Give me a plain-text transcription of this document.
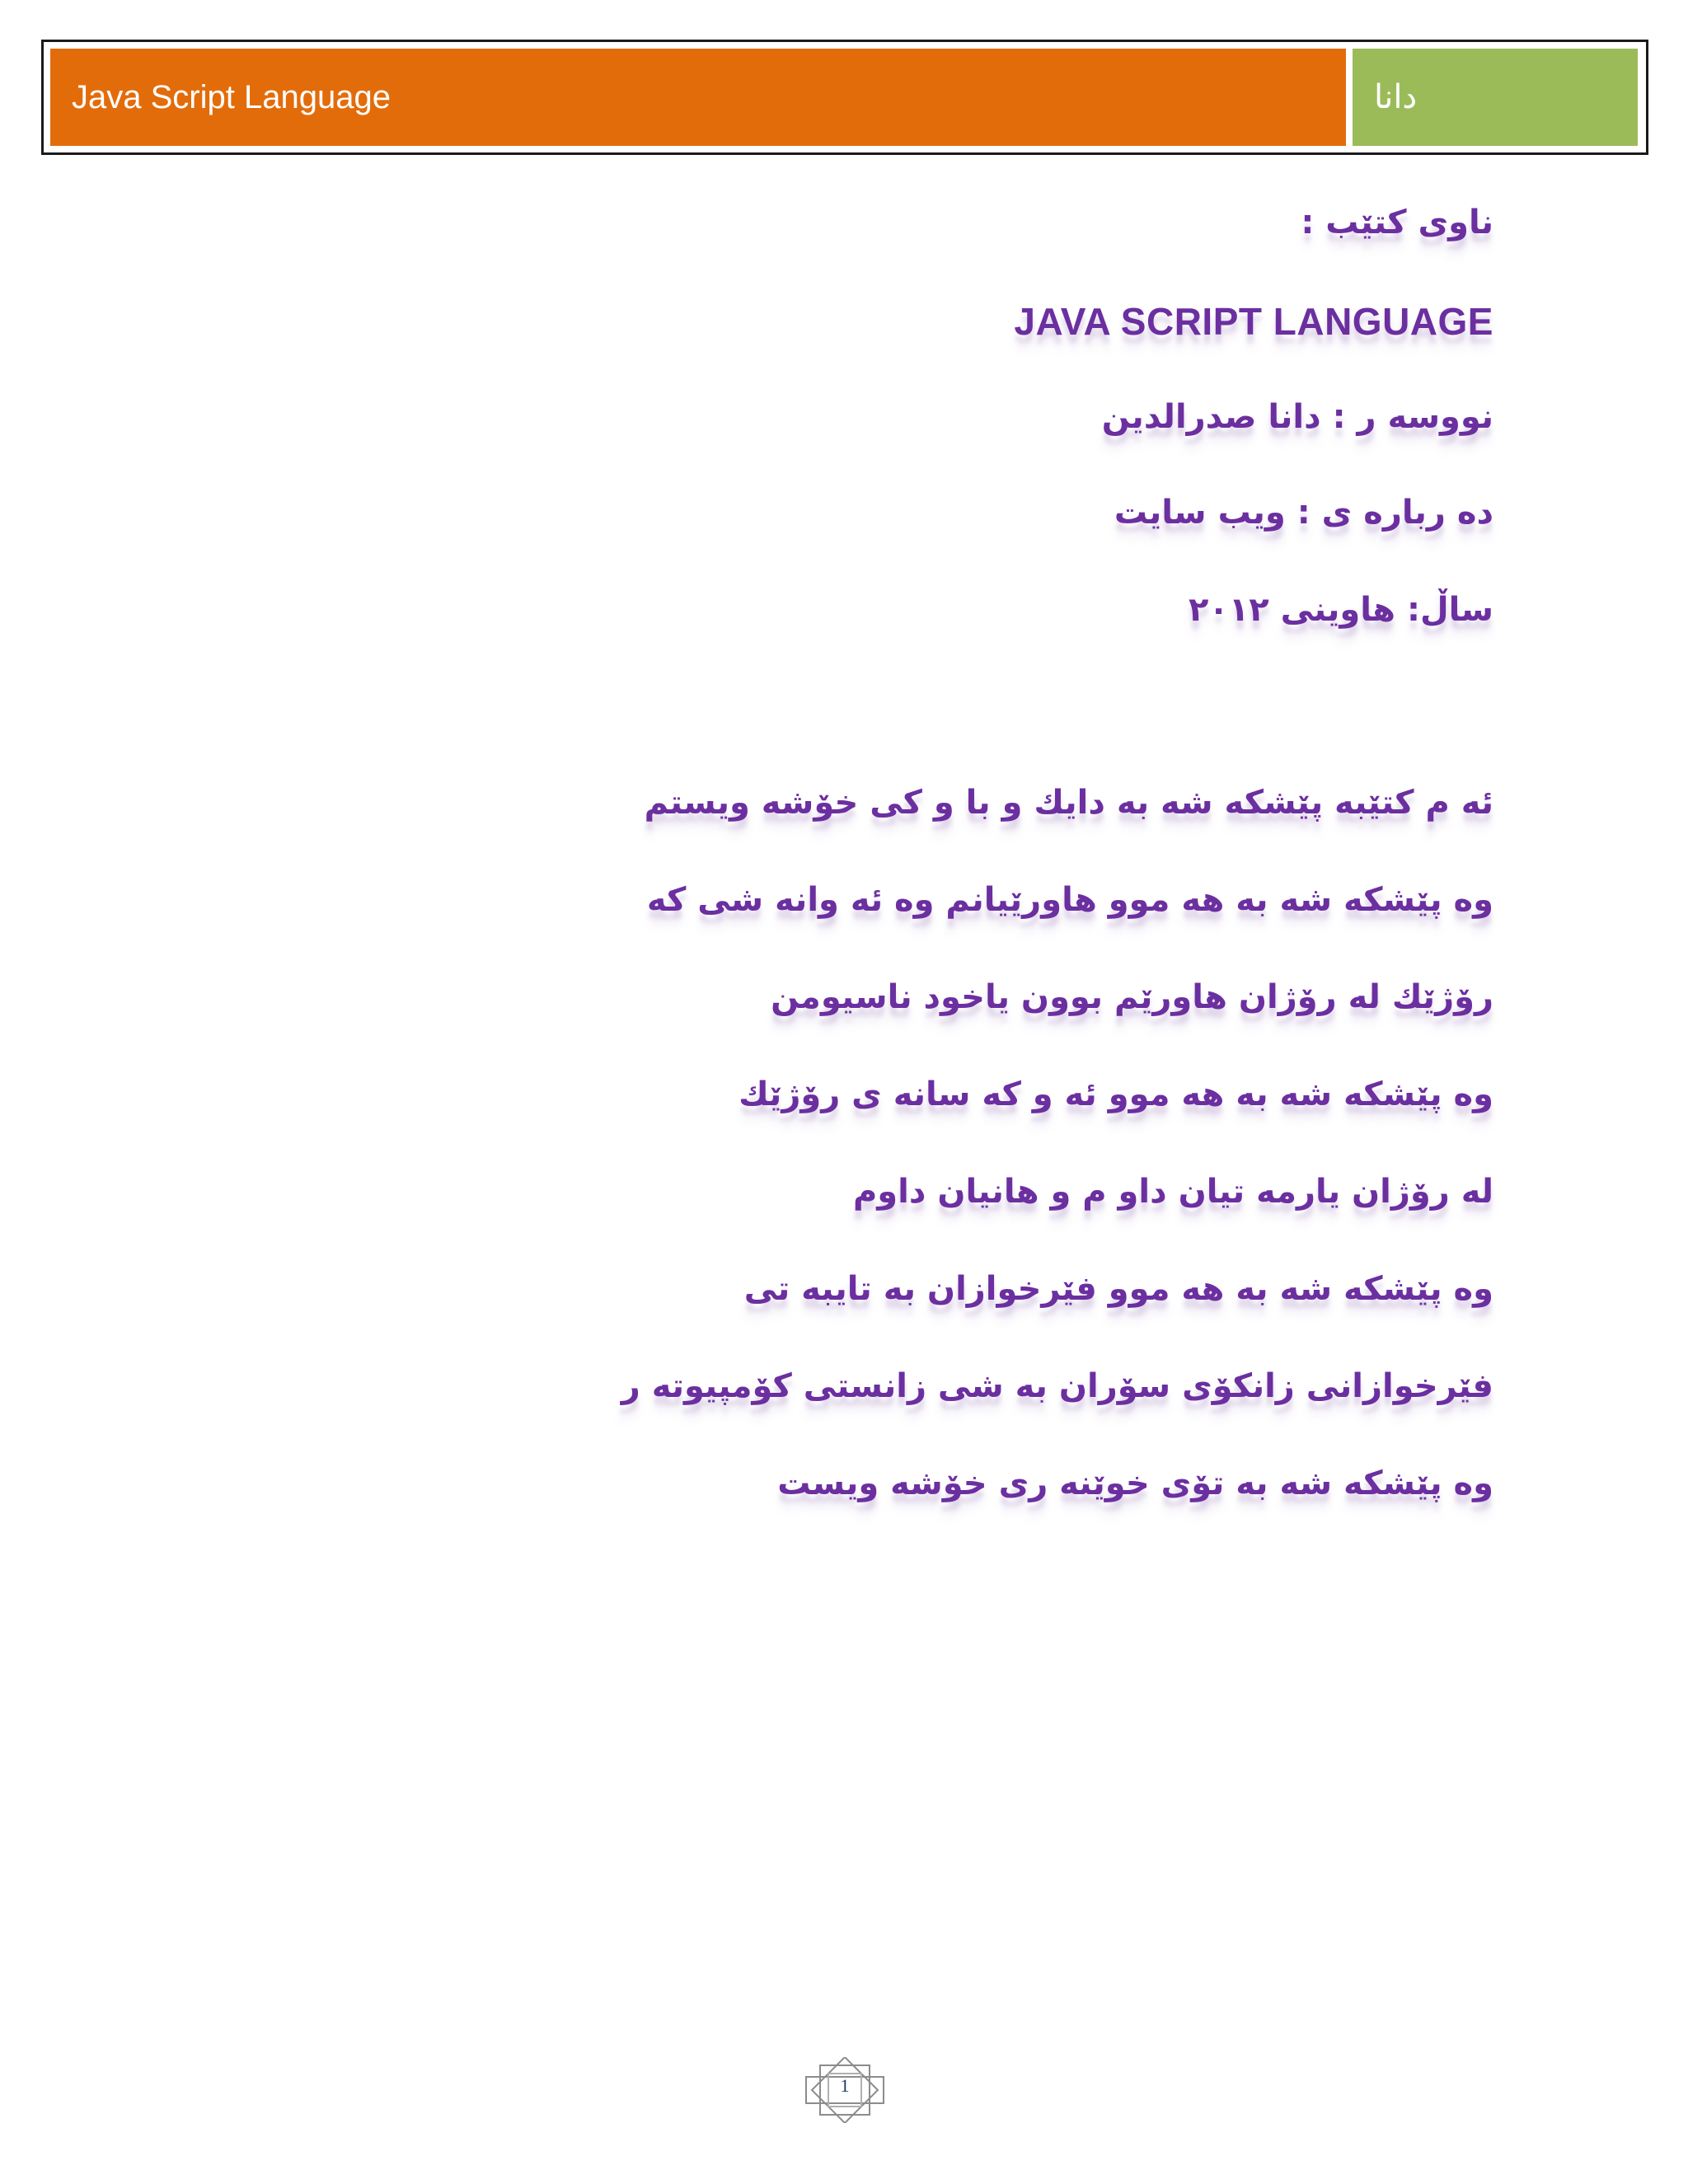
Java Script Language	دانا
ناوی کتێب :
JAVA SCRIPT LANGUAGE
نووسه ر : دانا صدرالدين
ده رباره ی : ويب سايت
ساڵ: هاوينی ٢٠١٢
ئه م كتێبه پێشكه شه به دايك و با و كی خۆشه ويستم
وه پێشكه شه به هه موو هاورێيانم وه ئه وانه شی كه
رۆژێك له رۆژان هاورێم بوون ياخود ناسيومن
وه پێشكه شه به هه موو ئه و كه سانه ی رۆژێك
له رۆژان يارمه تيان داو م و هانيان داوم
وه پێشكه شه به هه موو فێرخوازان به تايبه تی
فێرخوازانی زانكۆی سۆران به شی زانستی كۆمپيوته ر
وه پێشكه شه به تۆی خوێنه ری خۆشه ويست
1
